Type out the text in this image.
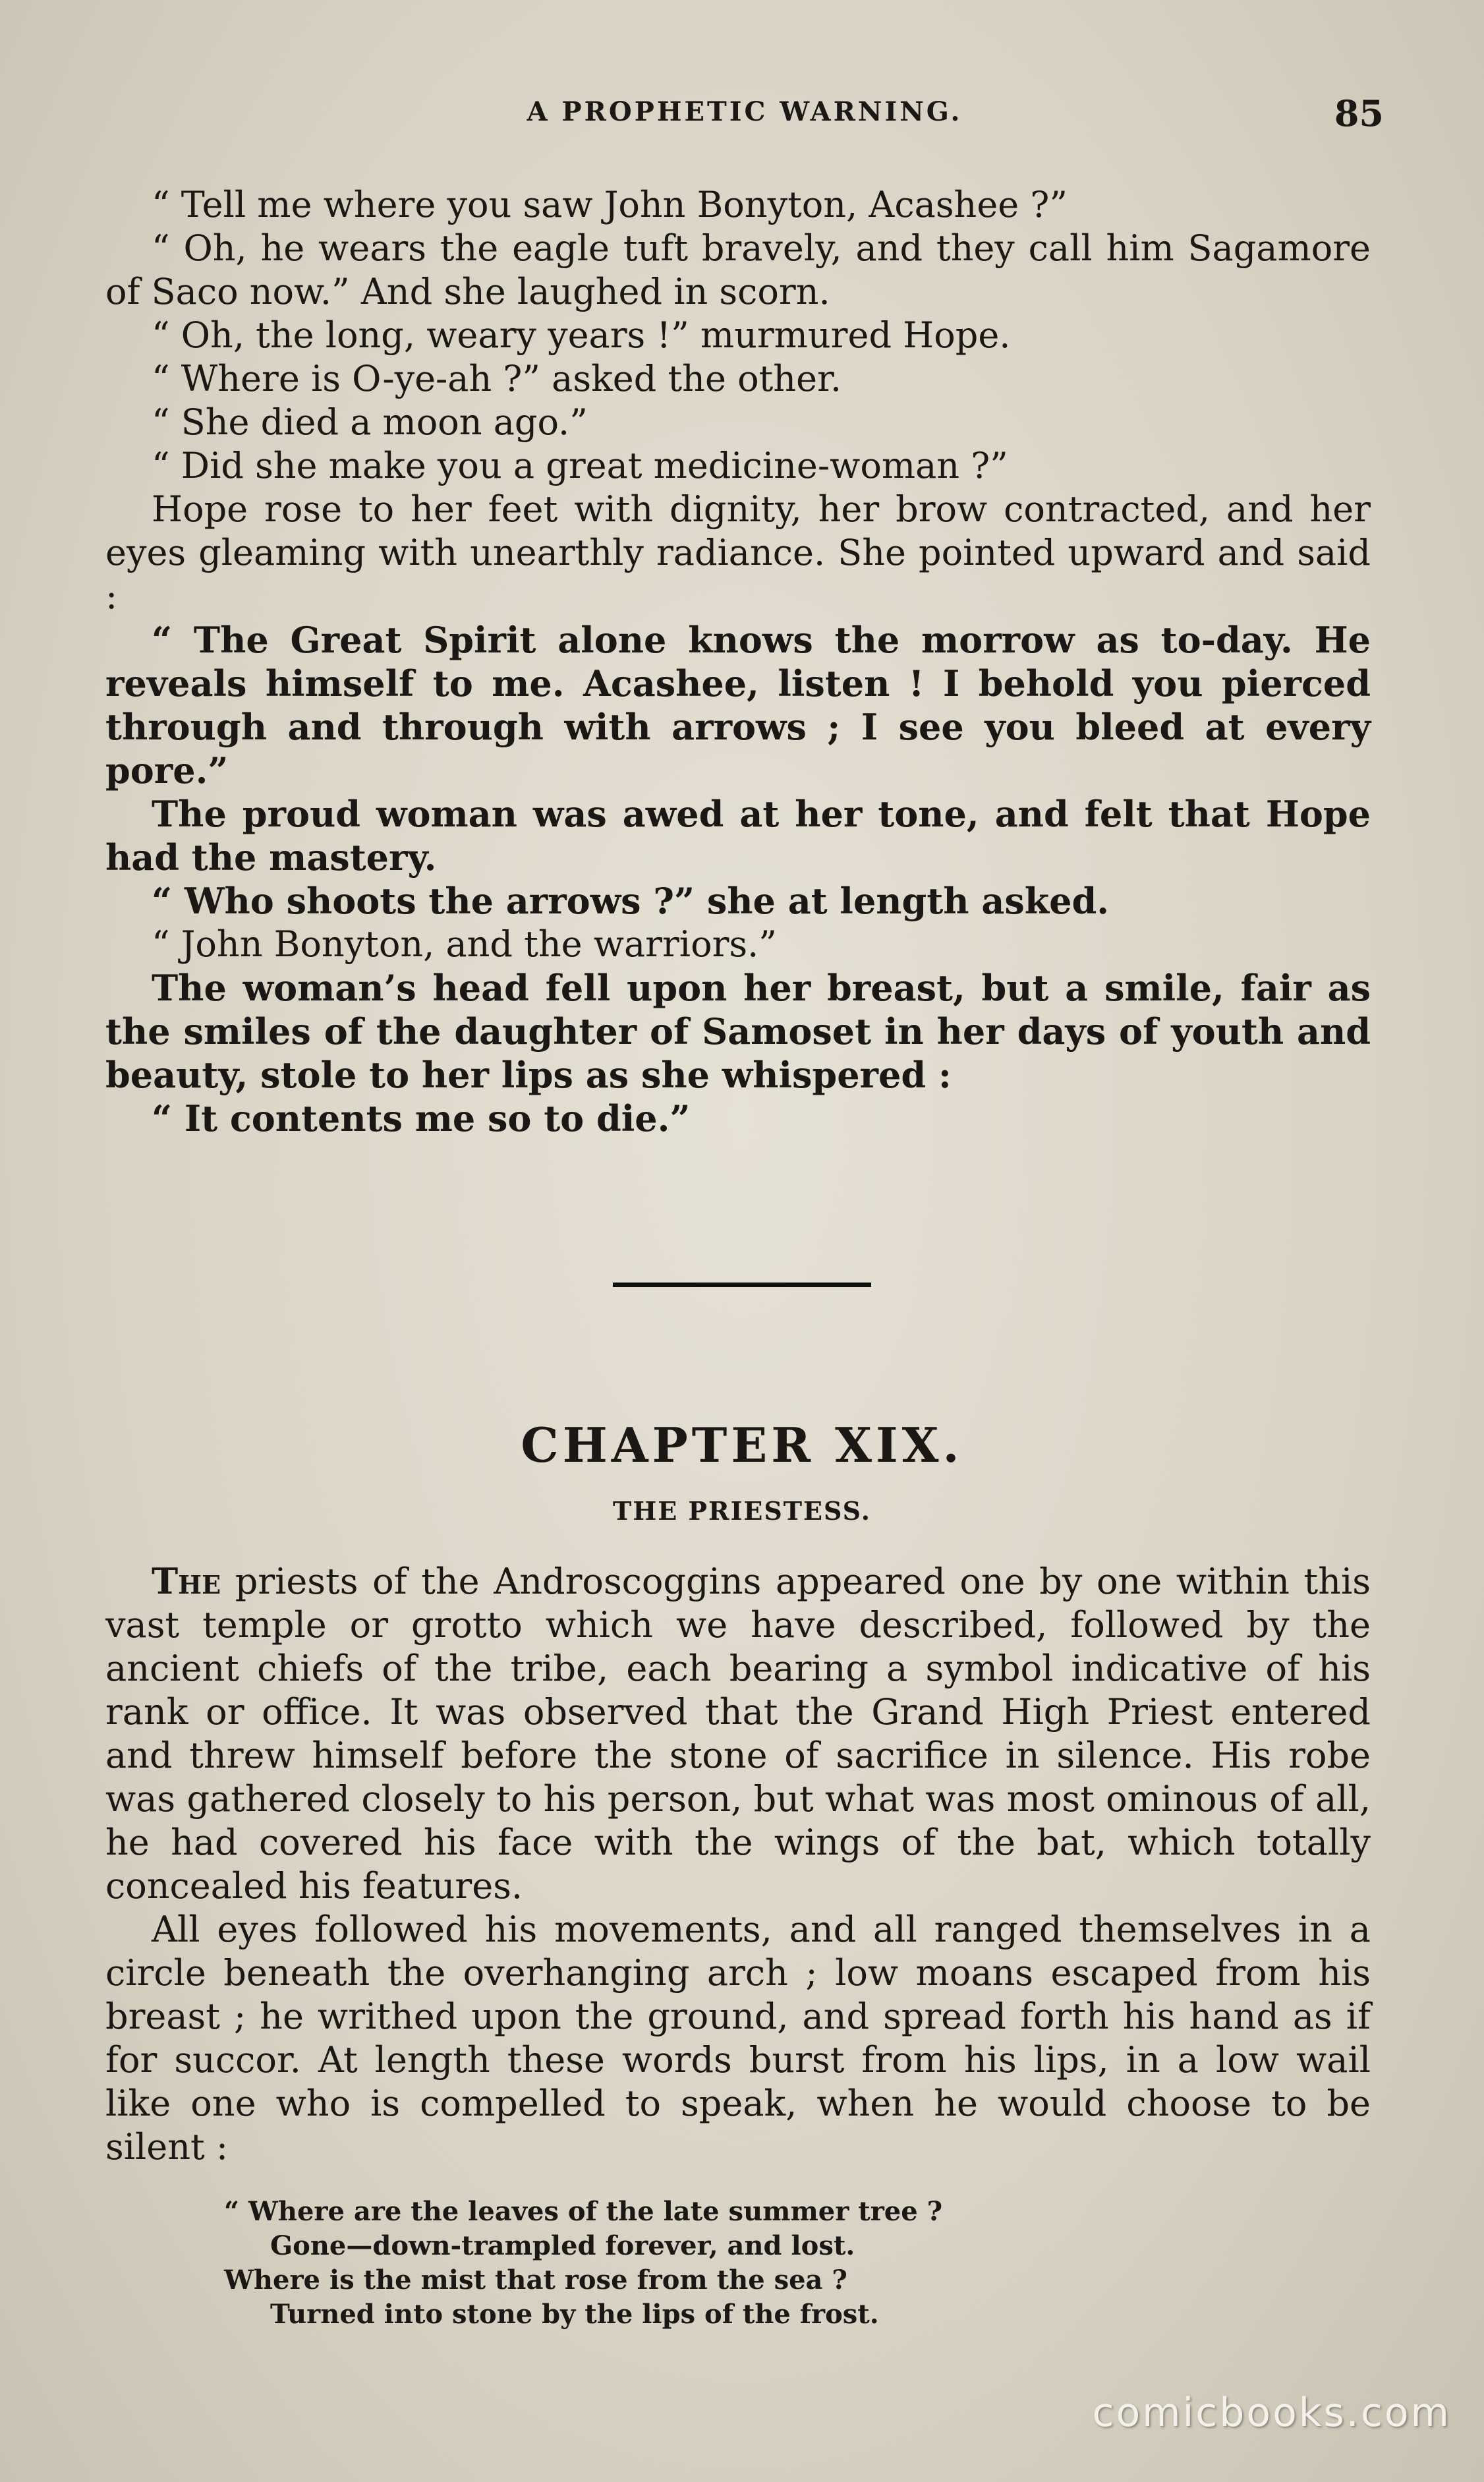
A PROPHETIC WARNING.	85

“ Tell me where you saw John Bonyton, Acashee ?”

“ Oh, he wears the eagle tuft bravely, and they call him Sagamore of Saco now.” And she laughed in scorn.

“ Oh, the long, weary years !” murmured Hope.

“ Where is O-ye-ah ?” asked the other.

“ She died a moon ago.”

“ Did she make you a great medicine-woman ?”

Hope rose to her feet with dignity, her brow contracted, and her eyes gleaming with unearthly radiance. She pointed upward and said :

“ The Great Spirit alone knows the morrow as to-day. He reveals himself to me. Acashee, listen ! I behold you pierced through and through with arrows ; I see you bleed at every pore.”

The proud woman was awed at her tone, and felt that Hope had the mastery.

“ Who shoots the arrows ?” she at length asked.

“ John Bonyton, and the warriors.”

The woman’s head fell upon her breast, but a smile, fair as the smiles of the daughter of Samoset in her days of youth and beauty, stole to her lips as she whispered :

“ It contents me so to die.”

CHAPTER XIX.
THE PRIESTESS.

The priests of the Androscoggins appeared one by one within this vast temple or grotto which we have described, followed by the ancient chiefs of the tribe, each bearing a symbol indicative of his rank or office. It was observed that the Grand High Priest entered and threw himself before the stone of sacrifice in silence. His robe was gathered closely to his person, but what was most ominous of all, he had covered his face with the wings of the bat, which totally concealed his features.

All eyes followed his movements, and all ranged themselves in a circle beneath the overhanging arch ; low moans escaped from his breast ; he writhed upon the ground, and spread forth his hand as if for succor. At length these words burst from his lips, in a low wail like one who is compelled to speak, when he would choose to be silent :

“ Where are the leaves of the late summer tree ?
Gone—down-trampled forever, and lost.
Where is the mist that rose from the sea ?
Turned into stone by the lips of the frost.
comicbooks.com
